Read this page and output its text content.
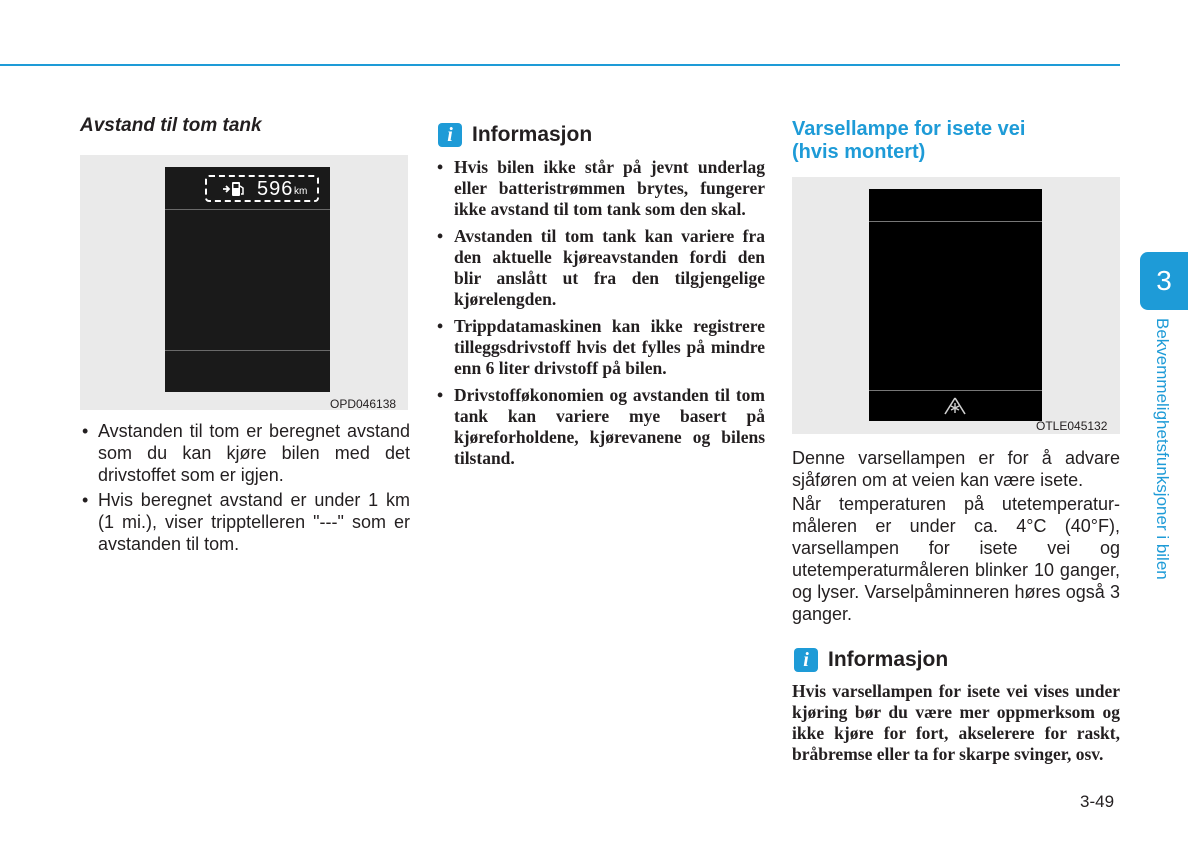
Avstand til tom tank
596 km
OPD046138
• Avstanden til tom er beregnet avstand som du kan kjøre bilen med det drivstoffet som er igjen.
• Hvis beregnet avstand er under 1 km (1 mi.), viser tripptelleren "---" som er avstanden til tom.
i Informasjon
• Hvis bilen ikke står på jevnt underlag eller batteristrømmen brytes, fungerer ikke avstand til tom tank som den skal.
• Avstanden til tom tank kan variere fra den aktuelle kjøreavstanden fordi den blir anslått ut fra den tilgjengelige kjørelengden.
• Trippdatamaskinen kan ikke registrere tilleggsdrivstoff hvis det fylles på mindre enn 6 liter drivstoff på bilen.
• Drivstofføkonomien og avstanden til tom tank kan variere mye basert på kjøreforholdene, kjørevanene og bilens tilstand.
Varsellampe for isete vei
(hvis montert)
OTLE045132

Denne varsellampen er for å advare sjåføren om at veien kan være isete.

Når temperaturen på utetemperatur-måleren er under ca. 4°C (40°F), varsellampen for isete vei og utetemperaturmåleren blinker 10 ganger, og lyser. Varselpåminneren høres også 3 ganger.

i Informasjon

Hvis varsellampen for isete vei vises under kjøring bør du være mer oppmerksom og ikke kjøre for fort, akselerere for raskt, bråbremse eller ta for skarpe svinger, osv.

3
Bekvemmelighetsfunksjoner i bilen
3-49
